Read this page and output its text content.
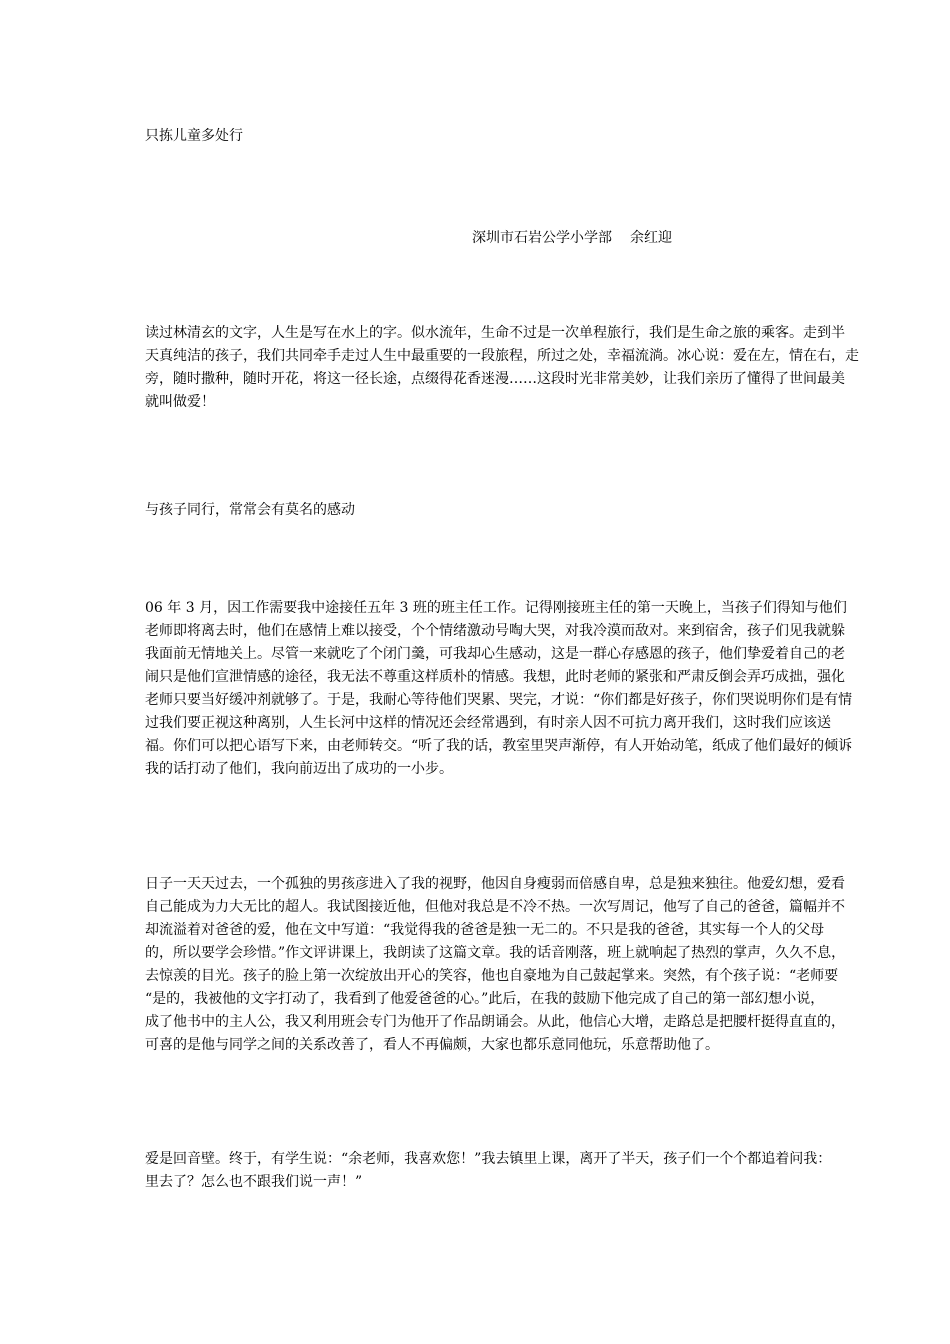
只拣儿童多处行
深圳市石岩公学小学部 余红迎
读过林清玄的文字，人生是写在水上的字。似水流年，生命不过是一次单程旅行，我们是生命之旅的乘客。走到半
天真纯洁的孩子，我们共同牵手走过人生中最重要的一段旅程，所过之处，幸福流淌。冰心说：爱在左，情在右，走
旁，随时撒种，随时开花，将这一径长途，点缀得花香迷漫……这段时光非常美妙，让我们亲历了懂得了世间最美
就叫做爱！
与孩子同行，常常会有莫名的感动
06 年 3 月，因工作需要我中途接任五年 3 班的班主任工作。记得刚接班主任的第一天晚上，当孩子们得知与他们
老师即将离去时，他们在感情上难以接受，个个情绪激动号啕大哭，对我冷漠而敌对。来到宿舍，孩子们见我就躲
我面前无情地关上。尽管一来就吃了个闭门羹，可我却心生感动，这是一群心存感恩的孩子，他们挚爱着自己的老
闹只是他们宣泄情感的途径，我无法不尊重这样质朴的情感。我想，此时老师的紧张和严肃反倒会弄巧成拙，强化
老师只要当好缓冲剂就够了。于是，我耐心等待他们哭累、哭完，才说：“你们都是好孩子，你们哭说明你们是有情
过我们要正视这种离别，人生长河中这样的情况还会经常遇到，有时亲人因不可抗力离开我们，这时我们应该送
福。你们可以把心语写下来，由老师转交。“听了我的话，教室里哭声渐停，有人开始动笔，纸成了他们最好的倾诉
我的话打动了他们，我向前迈出了成功的一小步。
日子一天天过去，一个孤独的男孩彦进入了我的视野，他因自身瘦弱而倍感自卑，总是独来独往。他爱幻想，爱看
自己能成为力大无比的超人。我试图接近他，但他对我总是不冷不热。一次写周记，他写了自己的爸爸，篇幅并不
却流溢着对爸爸的爱，他在文中写道：“我觉得我的爸爸是独一无二的。不只是我的爸爸，其实每一个人的父母
的，所以要学会珍惜。”作文评讲课上，我朗读了这篇文章。我的话音刚落，班上就响起了热烈的掌声，久久不息，
去惊羡的目光。孩子的脸上第一次绽放出开心的笑容，他也自豪地为自己鼓起掌来。突然，有个孩子说：“老师要
“是的，我被他的文字打动了，我看到了他爱爸爸的心。”此后，在我的鼓励下他完成了自己的第一部幻想小说，
成了他书中的主人公，我又利用班会专门为他开了作品朗诵会。从此，他信心大增，走路总是把腰杆挺得直直的，
可喜的是他与同学之间的关系改善了，看人不再偏颇，大家也都乐意同他玩，乐意帮助他了。
爱是回音壁。终于，有学生说：“余老师，我喜欢您！”我去镇里上课，离开了半天，孩子们一个个都追着问我：
里去了？怎么也不跟我们说一声！”
